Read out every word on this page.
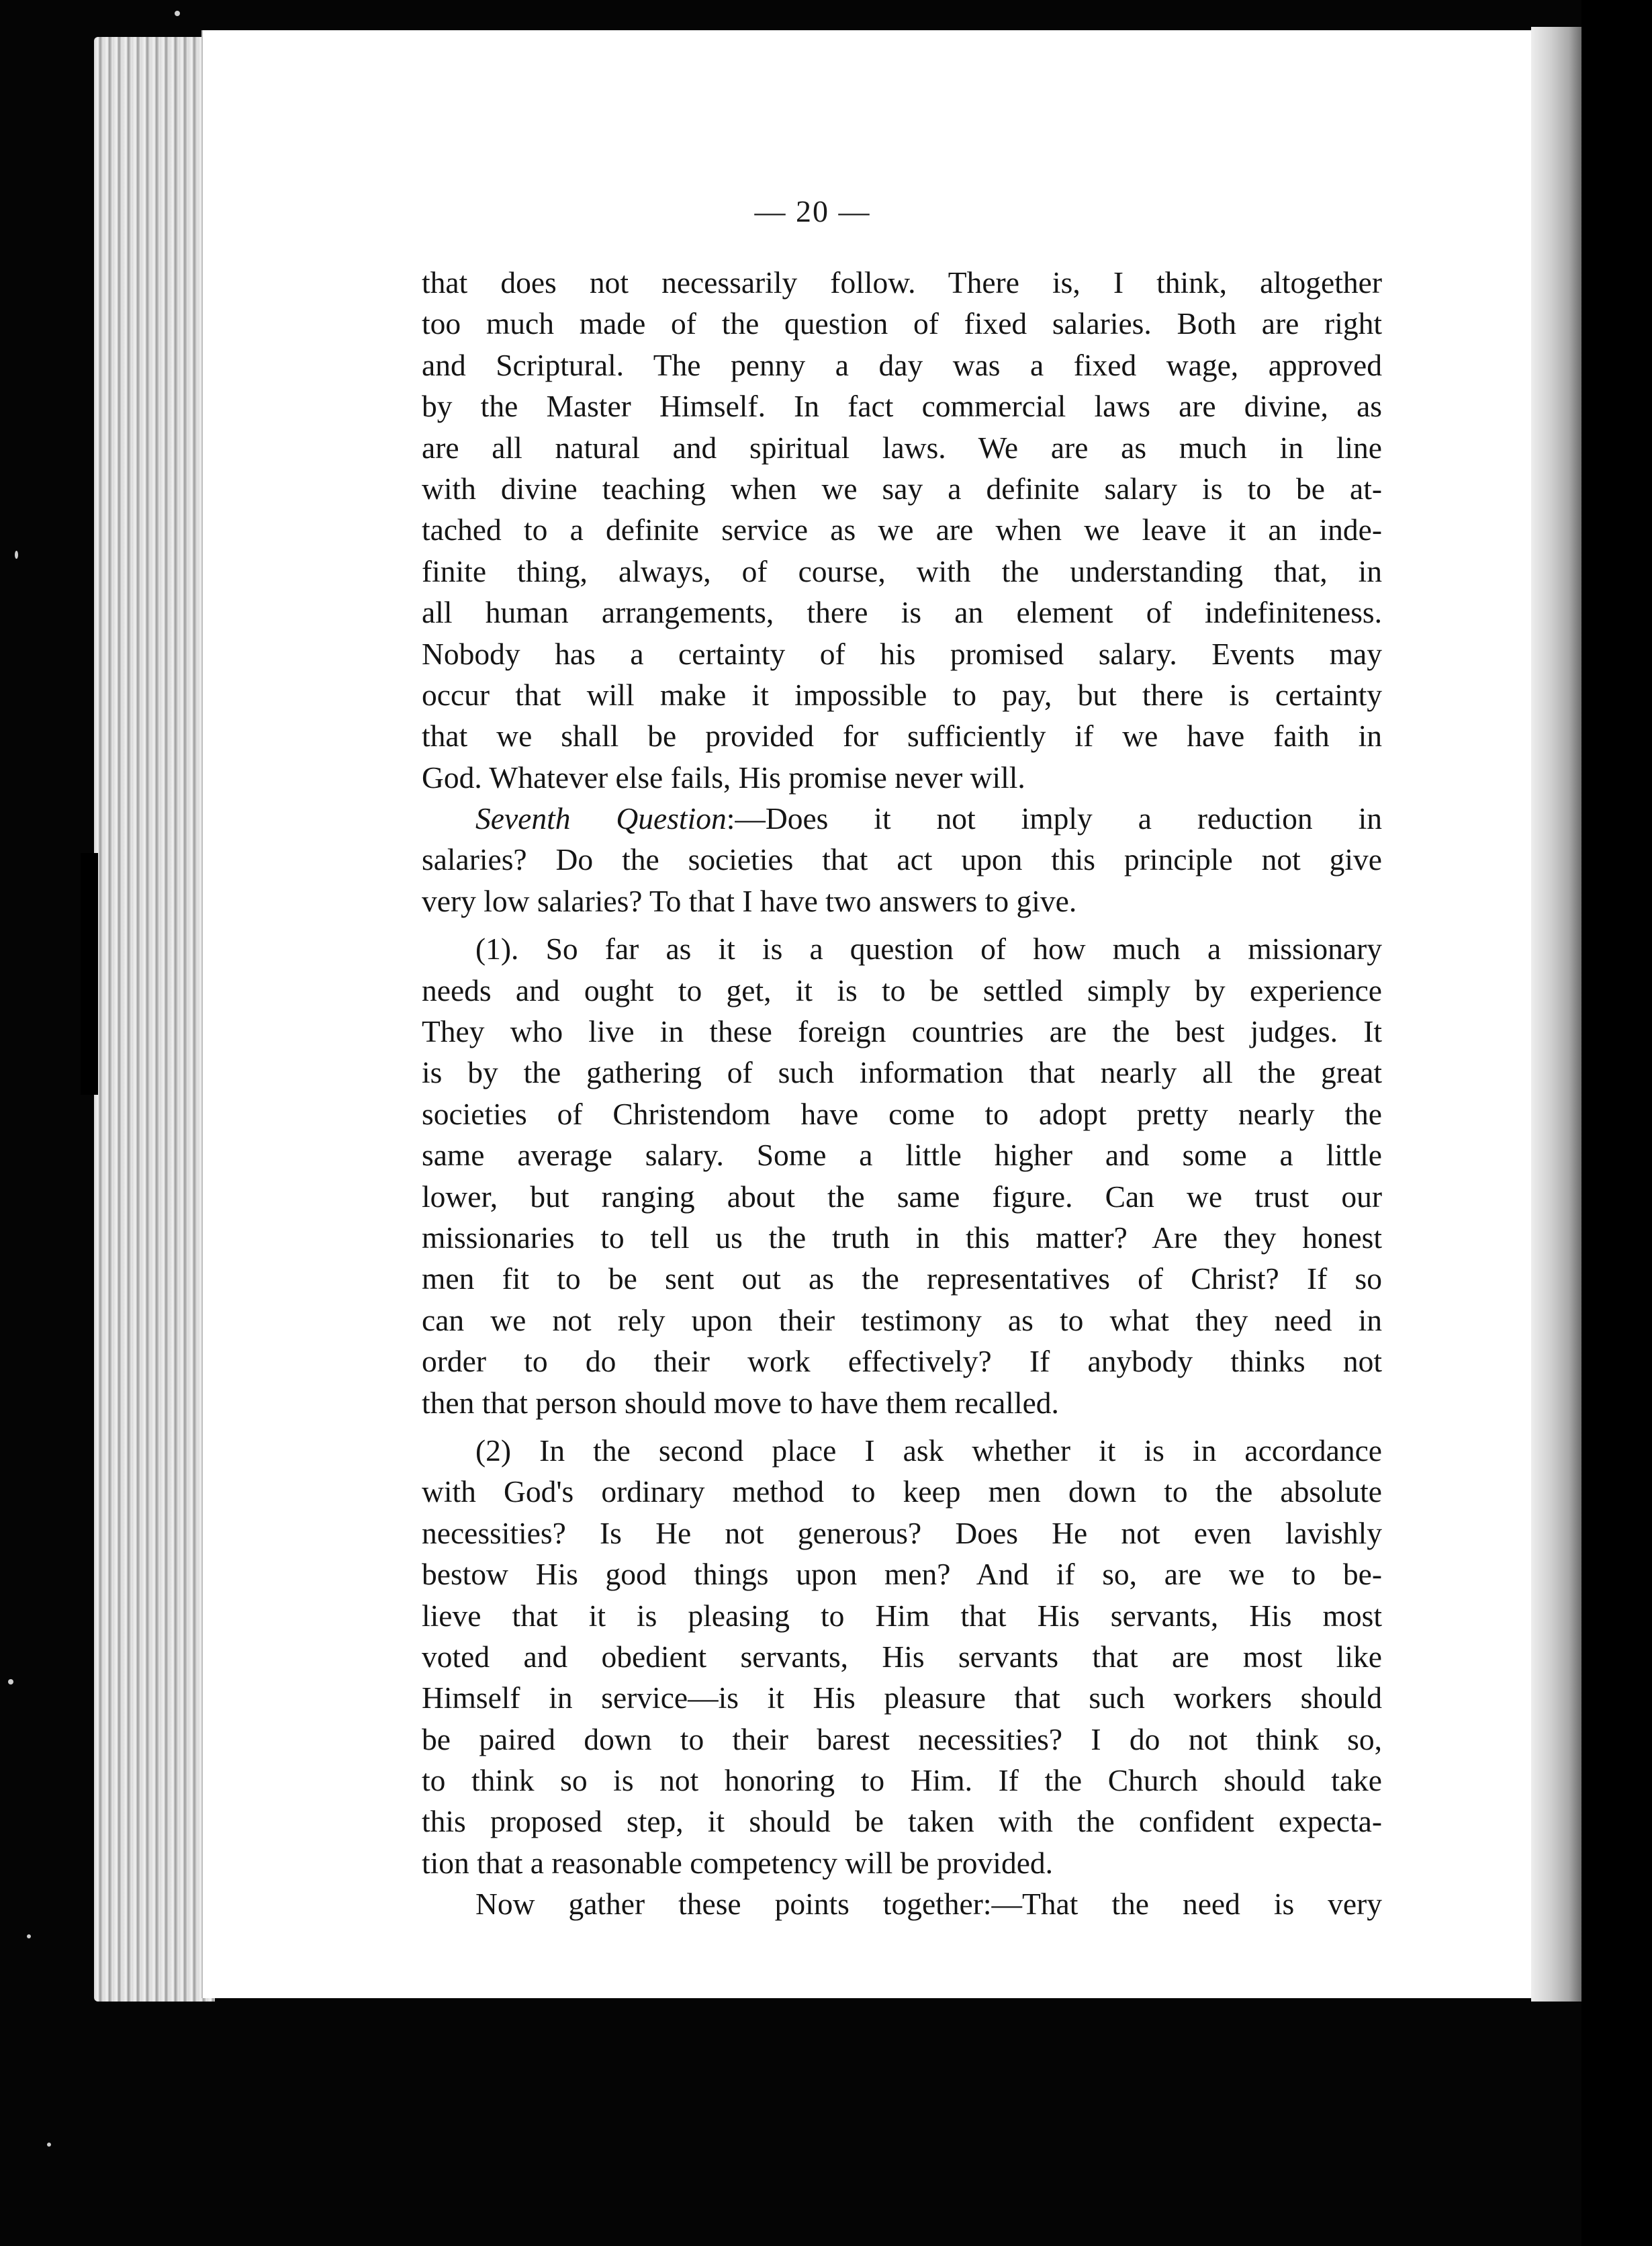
— 20 —
that does not necessarily follow. There is, I think, altogether
too much made of the question of fixed salaries. Both are right
and Scriptural. The penny a day was a fixed wage, approved
by the Master Himself. In fact commercial laws are divine, as
are all natural and spiritual laws. We are as much in line
with divine teaching when we say a definite salary is to be at-
tached to a definite service as we are when we leave it an inde-
finite thing, always, of course, with the understanding that, in
all human arrangements, there is an element of indefiniteness.
Nobody has a certainty of his promised salary. Events may
occur that will make it impossible to pay, but there is certainty
that we shall be provided for sufficiently if we have faith in
God. Whatever else fails, His promise never will.
Seventh Question:—Does it not imply a reduction in
salaries? Do the societies that act upon this principle not give
very low salaries? To that I have two answers to give.
(1). So far as it is a question of how much a missionary
needs and ought to get, it is to be settled simply by experience
They who live in these foreign countries are the best judges. It
is by the gathering of such information that nearly all the great
societies of Christendom have come to adopt pretty nearly the
same average salary. Some a little higher and some a little
lower, but ranging about the same figure. Can we trust our
missionaries to tell us the truth in this matter? Are they honest
men fit to be sent out as the representatives of Christ? If so
can we not rely upon their testimony as to what they need in
order to do their work effectively? If anybody thinks not
then that person should move to have them recalled.
(2) In the second place I ask whether it is in accordance
with God's ordinary method to keep men down to the absolute
necessities? Is He not generous? Does He not even lavishly
bestow His good things upon men? And if so, are we to be-
lieve that it is pleasing to Him that His servants, His most
voted and obedient servants, His servants that are most like
Himself in service—is it His pleasure that such workers should
be paired down to their barest necessities? I do not think so,
to think so is not honoring to Him. If the Church should take
this proposed step, it should be taken with the confident expecta-
tion that a reasonable competency will be provided.
Now gather these points together:—That the need is very
